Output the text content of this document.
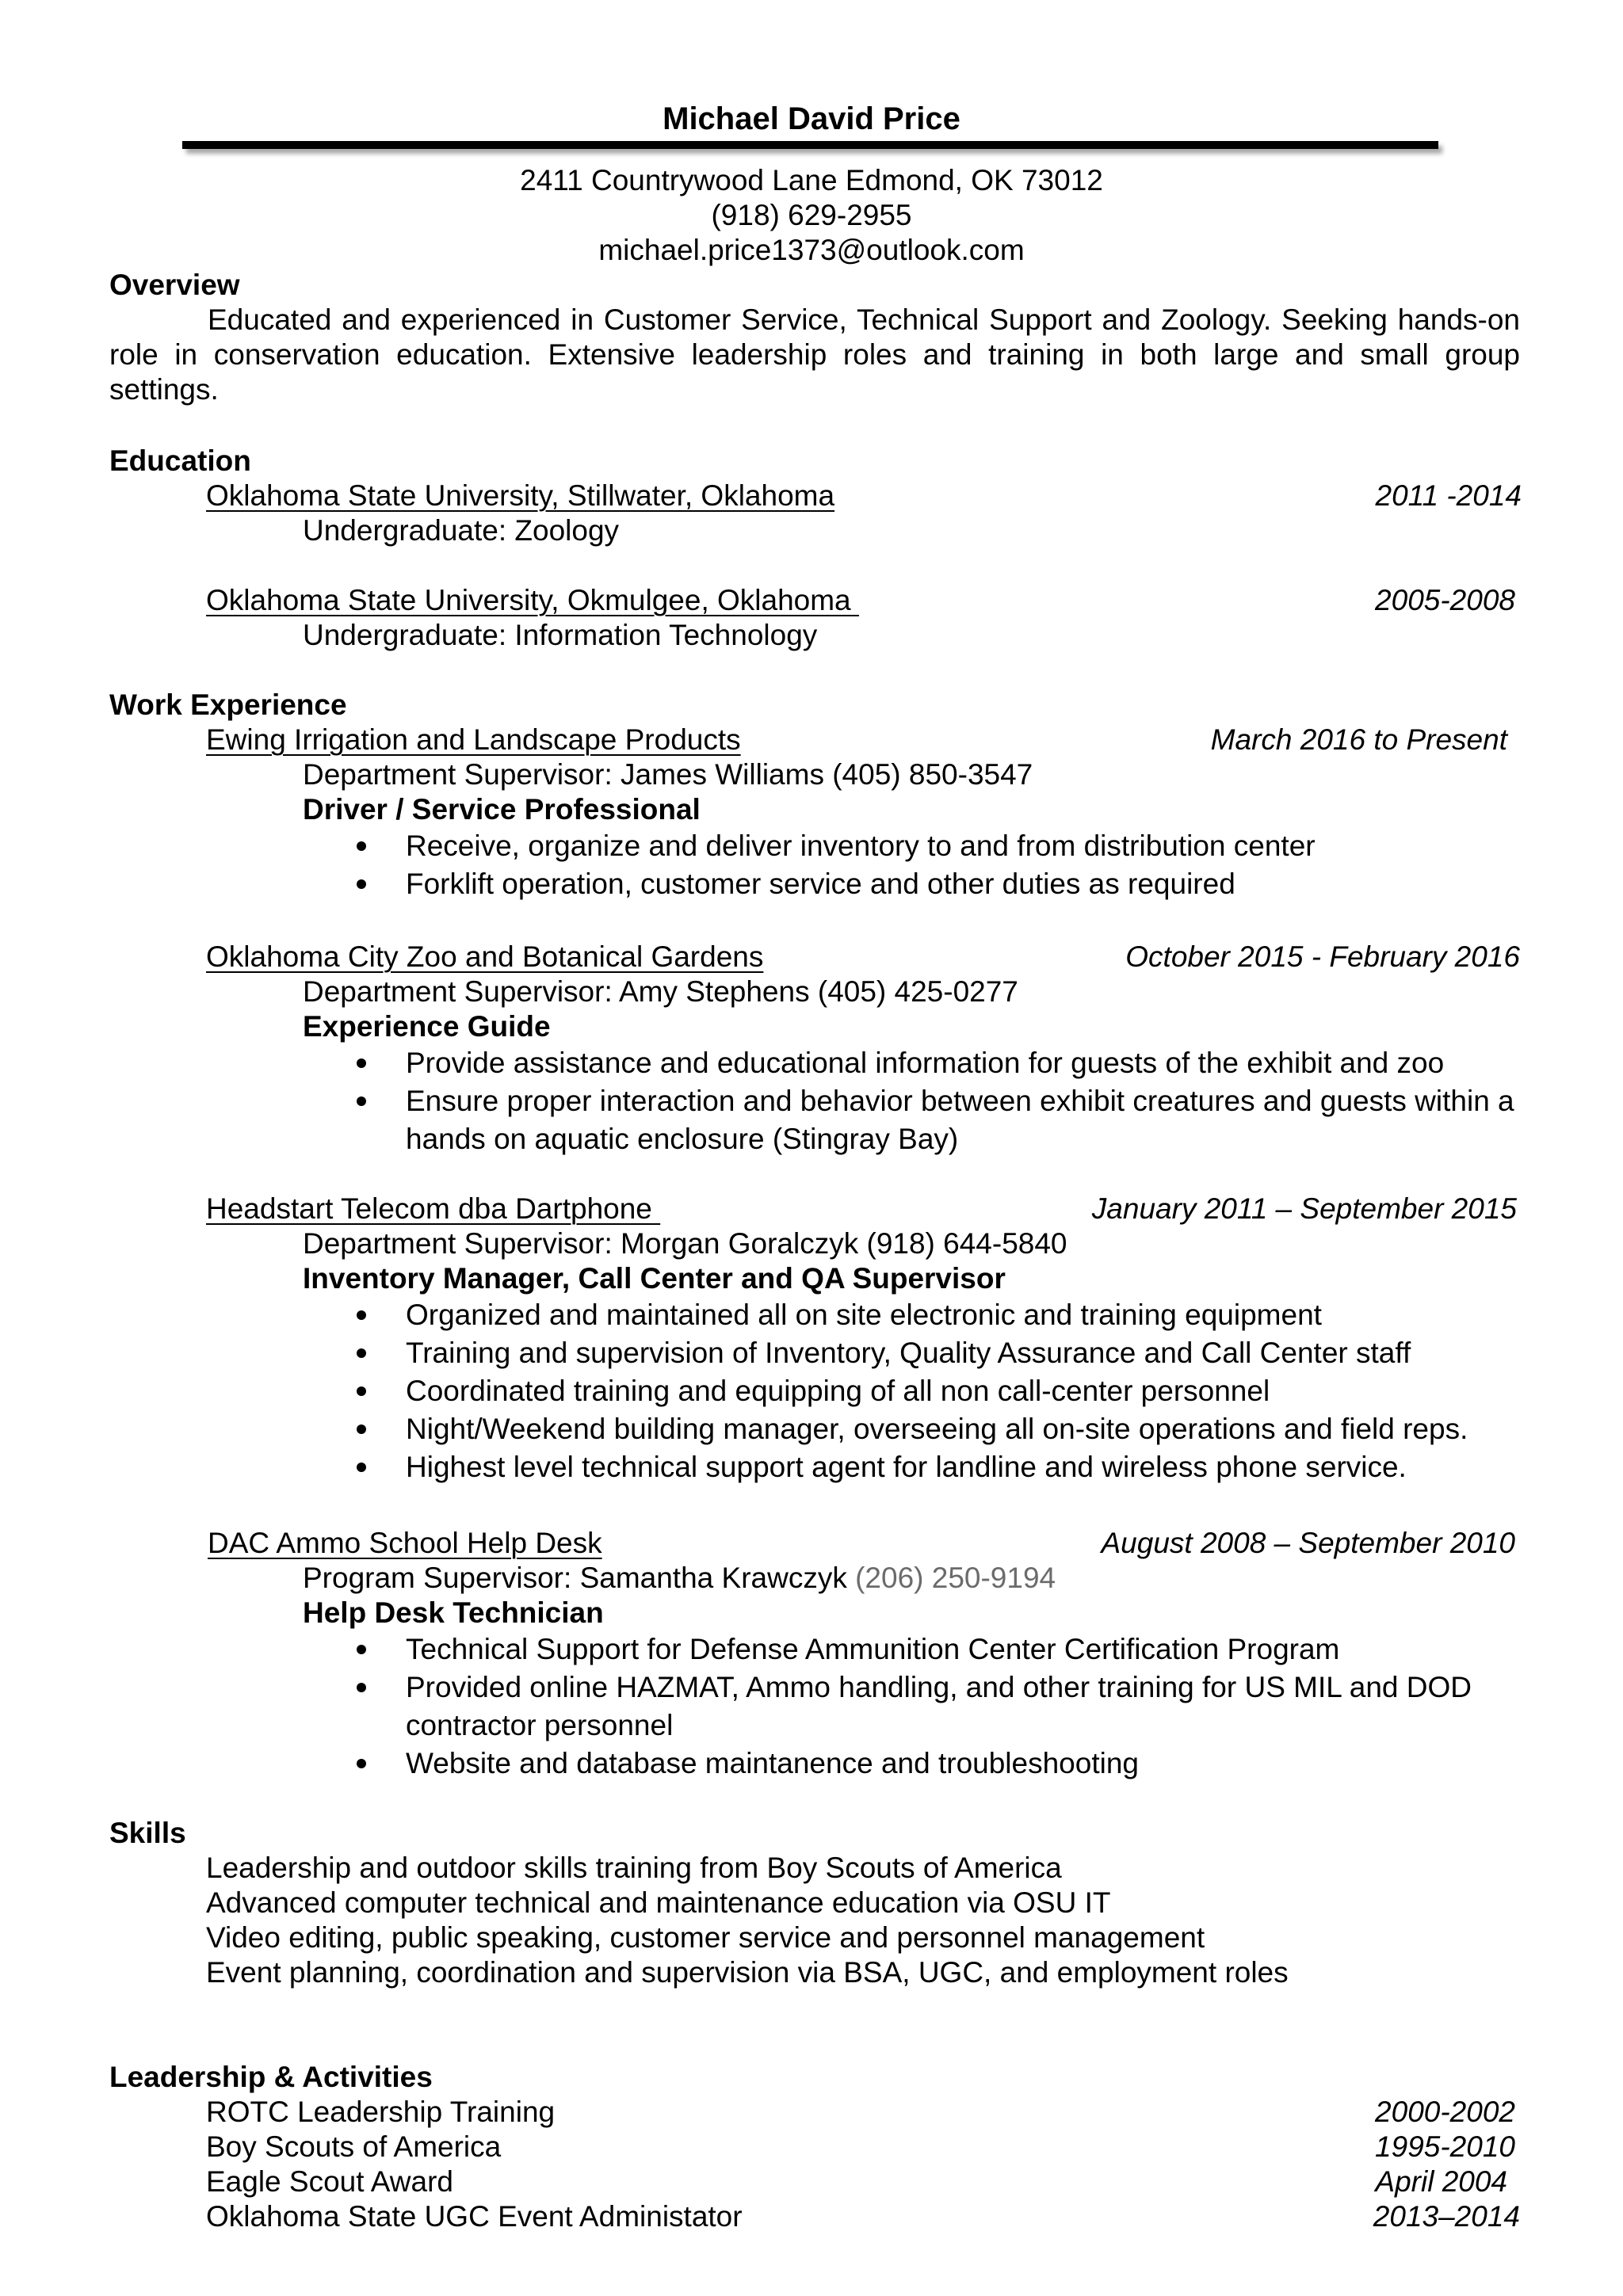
Michael David Price
2411 Countrywood Lane Edmond, OK 73012
(918) 629-2955
michael.price1373@outlook.com
Overview
Educated and experienced in Customer Service, Technical Support and Zoology. Seeking hands-on role in conservation education. Extensive leadership roles and training in both large and small group settings.
Education
Oklahoma State University, Stillwater, Oklahoma	2011 -2014
Undergraduate: Zoology
Oklahoma State University, Okmulgee, Oklahoma	2005-2008
Undergraduate: Information Technology
Work Experience
Ewing Irrigation and Landscape Products	March 2016 to Present
Department Supervisor: James Williams (405) 850-3547
Driver / Service Professional
Receive, organize and deliver inventory to and from distribution center
Forklift operation, customer service and other duties as required
Oklahoma City Zoo and Botanical Gardens	October 2015 - February 2016
Department Supervisor: Amy Stephens (405) 425-0277
Experience Guide
Provide assistance and educational information for guests of the exhibit and zoo
Ensure proper interaction and behavior between exhibit creatures and guests within a hands on aquatic enclosure (Stingray Bay)
Headstart Telecom dba Dartphone	January 2011 – September 2015
Department Supervisor: Morgan Goralczyk (918) 644-5840
Inventory Manager, Call Center and QA Supervisor
Organized and maintained all on site electronic and training equipment
Training and supervision of Inventory, Quality Assurance and Call Center staff
Coordinated training and equipping of all non call-center personnel
Night/Weekend building manager, overseeing all on-site operations and field reps.
Highest level technical support agent for landline and wireless phone service.
DAC Ammo School Help Desk	August 2008 – September 2010
Program Supervisor: Samantha Krawczyk (206) 250-9194
Help Desk Technician
Technical Support for Defense Ammunition Center Certification Program
Provided online HAZMAT, Ammo handling, and other training for US MIL and DOD contractor personnel
Website and database maintanence and troubleshooting
Skills
Leadership and outdoor skills training from Boy Scouts of America
Advanced computer technical and maintenance education via OSU IT
Video editing, public speaking, customer service and personnel management
Event planning, coordination and supervision via BSA, UGC, and employment roles
Leadership & Activities
ROTC Leadership Training	2000-2002
Boy Scouts of America	1995-2010
Eagle Scout Award	April 2004
Oklahoma State UGC Event Administator	2013–2014
